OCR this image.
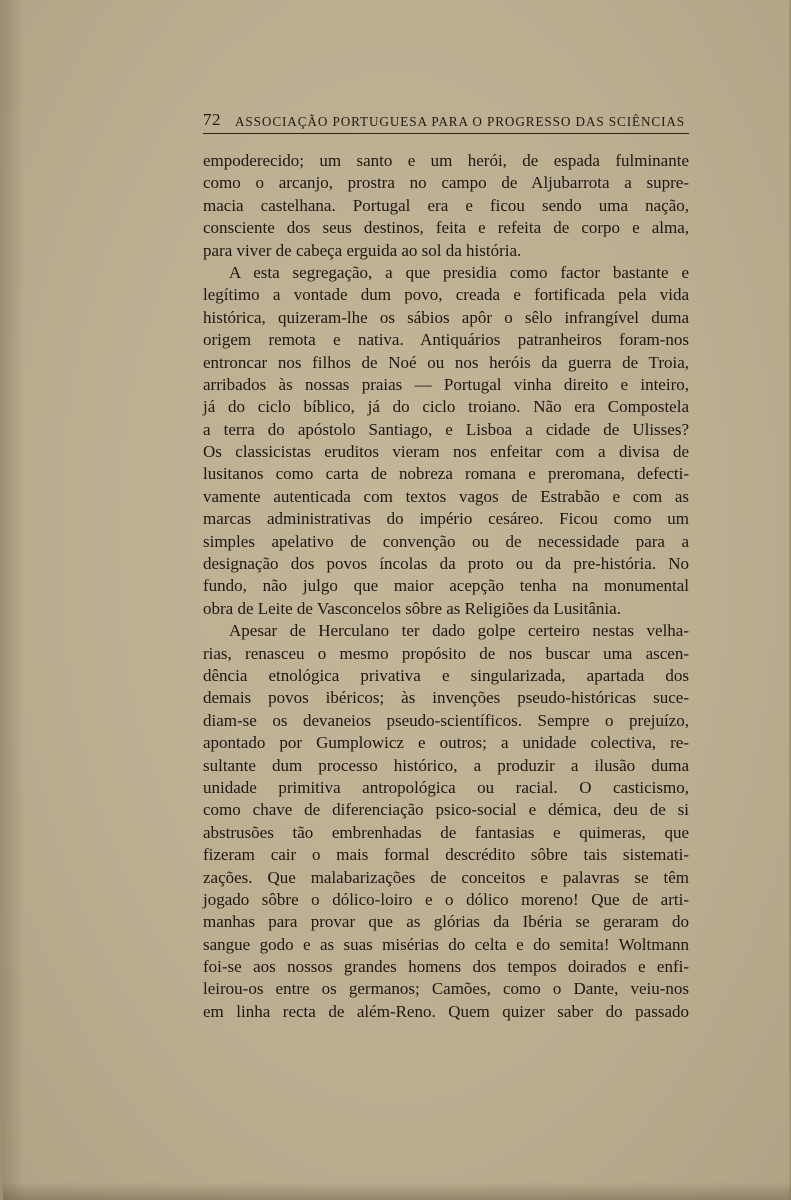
72 ASSOCIAÇÃO PORTUGUESA PARA O PROGRESSO DAS SCIÊNCIAS

empoderecido; um santo e um herói, de espada fulminante
como o arcanjo, prostra no campo de Aljubarrota a supre-
macia castelhana. Portugal era e ficou sendo uma nação,
consciente dos seus destinos, feita e refeita de corpo e alma,
para viver de cabeça erguida ao sol da história.

A esta segregação, a que presidia como factor bastante e
legítimo a vontade dum povo, creada e fortificada pela vida
histórica, quizeram-lhe os sábios apôr o sêlo infrangível duma
origem remota e nativa. Antiquários patranheiros foram-nos
entroncar nos filhos de Noé ou nos heróis da guerra de Troia,
arribados às nossas praias — Portugal vinha direito e inteiro,
já do ciclo bíblico, já do ciclo troiano. Não era Compostela
a terra do apóstolo Santiago, e Lisboa a cidade de Ulisses?
Os classicistas eruditos vieram nos enfeitar com a divisa de
lusitanos como carta de nobreza romana e preromana, defecti-
vamente autenticada com textos vagos de Estrabão e com as
marcas administrativas do império cesáreo. Ficou como um
simples apelativo de convenção ou de necessidade para a
designação dos povos íncolas da proto ou da pre-história. No
fundo, não julgo que maior acepção tenha na monumental
obra de Leite de Vasconcelos sôbre as Religiões da Lusitânia.

Apesar de Herculano ter dado golpe certeiro nestas velha-
rias, renasceu o mesmo propósito de nos buscar uma ascen-
dência etnológica privativa e singularizada, apartada dos
demais povos ibéricos; às invenções pseudo-históricas suce-
diam-se os devaneios pseudo-scientíficos. Sempre o prejuízo,
apontado por Gumplowicz e outros; a unidade colectiva, re-
sultante dum processo histórico, a produzir a ilusão duma
unidade primitiva antropológica ou racial. O casticismo,
como chave de diferenciação psico-social e démica, deu de si
abstrusões tão embrenhadas de fantasias e quimeras, que
fizeram cair o mais formal descrédito sôbre tais sistemati-
zações. Que malabarizações de conceitos e palavras se têm
jogado sôbre o dólico-loiro e o dólico moreno! Que de arti-
manhas para provar que as glórias da Ibéria se geraram do
sangue godo e as suas misérias do celta e do semita! Woltmann
foi-se aos nossos grandes homens dos tempos doirados e enfi-
leirou-os entre os germanos; Camões, como o Dante, veiu-nos
em linha recta de além-Reno. Quem quizer saber do passado
